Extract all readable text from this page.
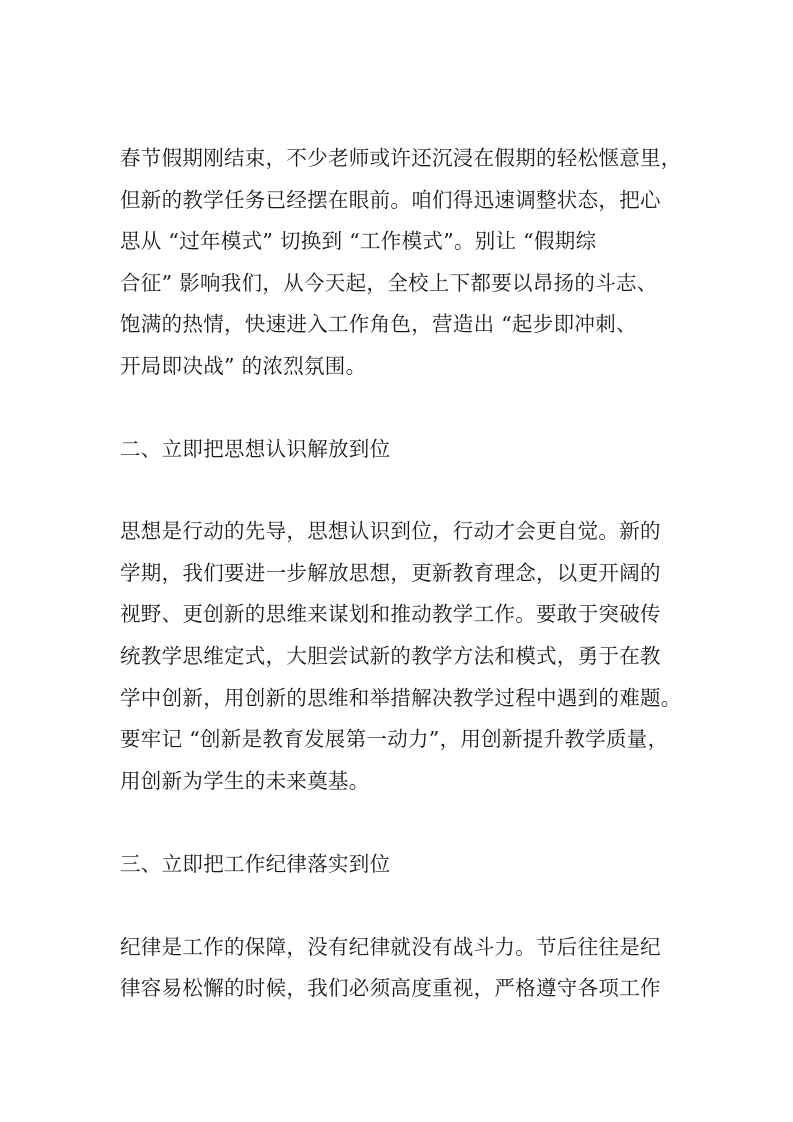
春节假期刚结束，不少老师或许还沉浸在假期的轻松惬意里，
但新的教学任务已经摆在眼前。咱们得迅速调整状态，把心
思从 “过年模式” 切换到 “工作模式”。别让 “假期综
合征” 影响我们，从今天起，全校上下都要以昂扬的斗志、
饱满的热情，快速进入工作角色，营造出 “起步即冲刺、
开局即决战” 的浓烈氛围。
二、立即把思想认识解放到位
思想是行动的先导，思想认识到位，行动才会更自觉。新的
学期，我们要进一步解放思想，更新教育理念，以更开阔的
视野、更创新的思维来谋划和推动教学工作。要敢于突破传
统教学思维定式，大胆尝试新的教学方法和模式，勇于在教
学中创新，用创新的思维和举措解决教学过程中遇到的难题。
要牢记 “创新是教育发展第一动力”，用创新提升教学质量，
用创新为学生的未来奠基。
三、立即把工作纪律落实到位
纪律是工作的保障，没有纪律就没有战斗力。节后往往是纪
律容易松懈的时候，我们必须高度重视，严格遵守各项工作
